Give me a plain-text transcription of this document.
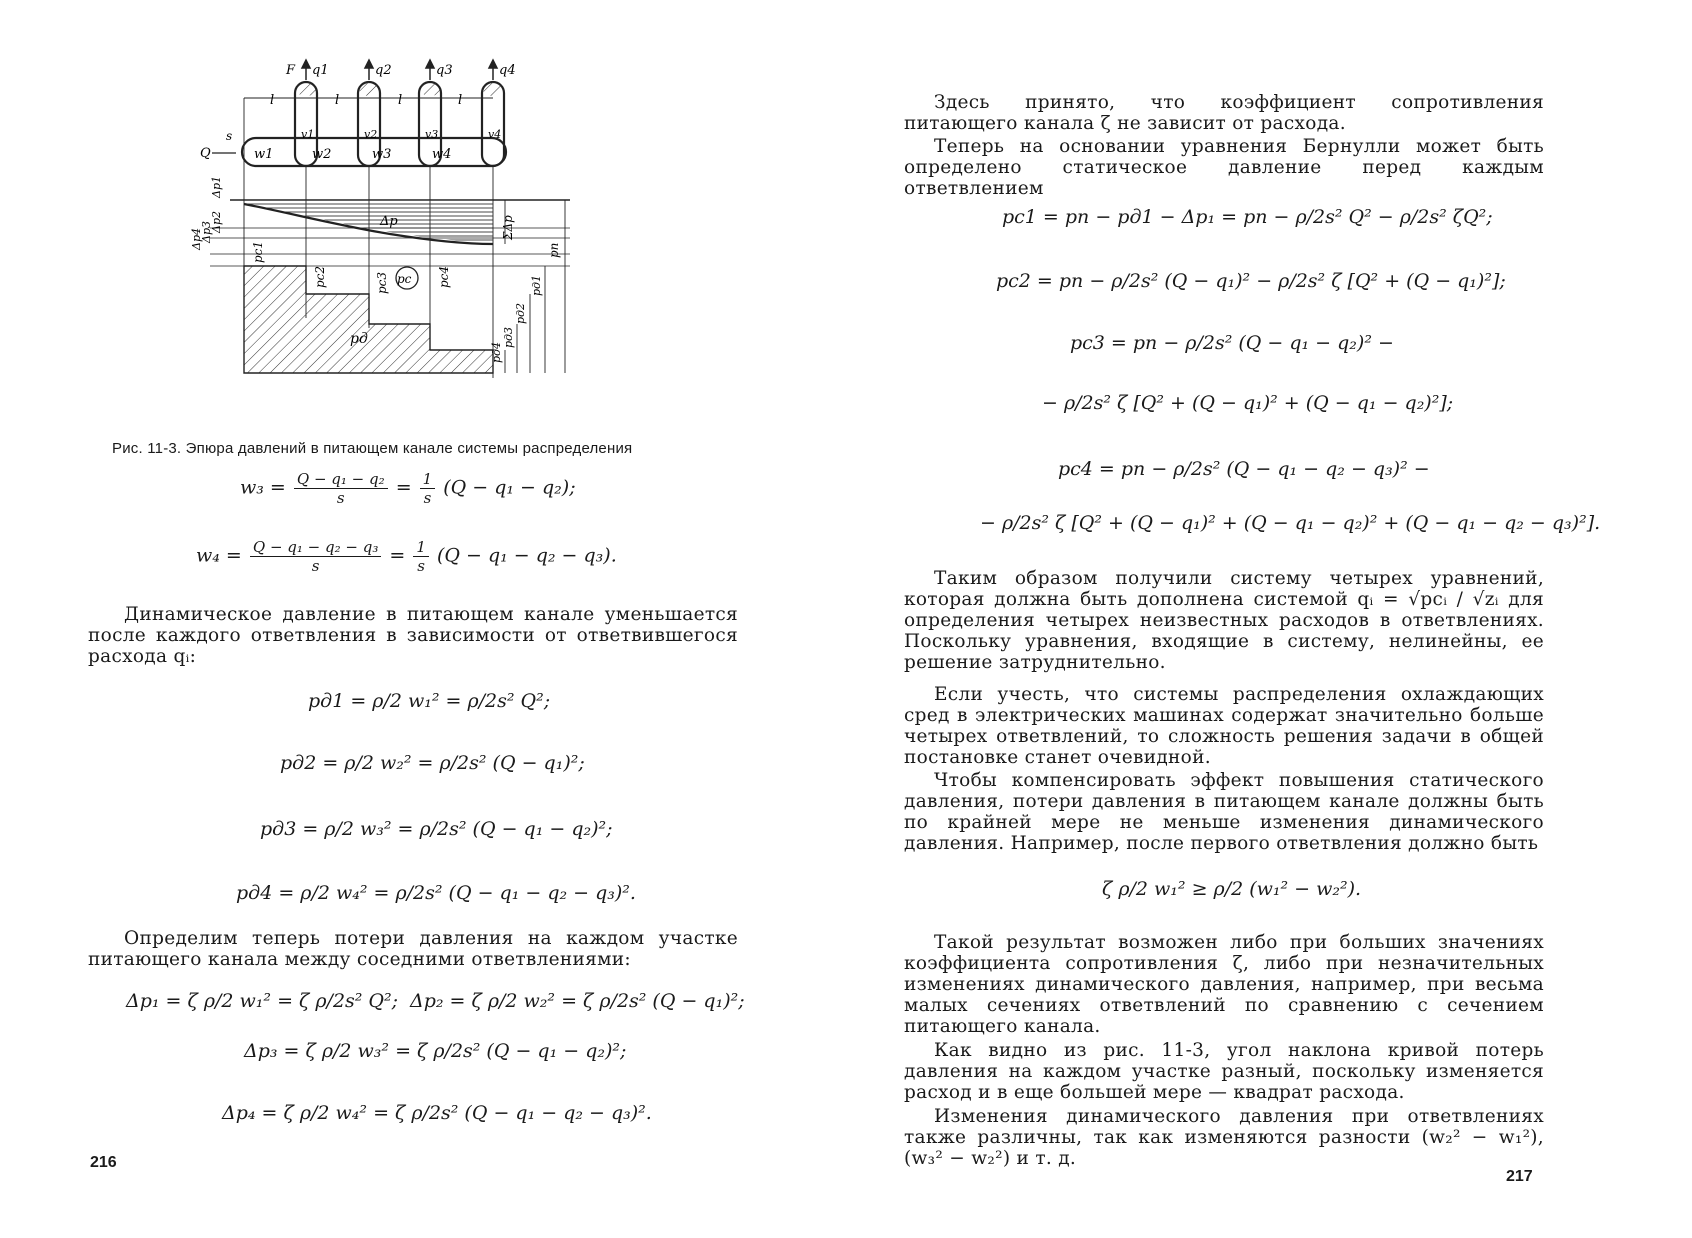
F q1	q2	q3	q4
l	l	l	l
v1	v2	v3	v4
Q
s
w1	w2	w3	w4
Δp
pд
pc
pc1
pc2	pc3	pc4
ΣΔp
pп
pд1
pд2
pд3
pд4
Δp1
Δp2
Δp3
Δp4
Рис. 11-3. Эпюра давлений в питающем канале системы распределения
$w_3 = \frac{\text{Q − q₁ − q₂}}{s} = \frac{1}{s} (Q - q_1 - q_2)$;
$w_4 = \frac{\text{Q − q₁ − q₂ − q₃}}{s} = \frac{1}{s} (Q - q_1 - q_2 - q_3)$.
Динамическое давление в питающем канале уменьшается после каждого ответвления в зависимости от ответвившегося расхода qᵢ:
pд1 = ρ/2 w₁² = ρ/2s² Q²;
pд2 = ρ/2 w₂² = ρ/2s² (Q − q₁)²;
pд3 = ρ/2 w₃² = ρ/2s² (Q − q₁ − q₂)²;
pд4 = ρ/2 w₄² = ρ/2s² (Q − q₁ − q₂ − q₃)².
Определим теперь потери давления на каждом участке питающего канала между соседними ответвлениями:
Δp₁ = ζ ρ/2 w₁² = ζ ρ/2s² Q²; Δp₂ = ζ ρ/2 w₂² = ζ ρ/2s² (Q − q₁)²;
Δp₃ = ζ ρ/2 w₃² = ζ ρ/2s² (Q − q₁ − q₂)²;
Δp₄ = ζ ρ/2 w₄² = ζ ρ/2s² (Q − q₁ − q₂ − q₃)².
216
Здесь принято, что коэффициент сопротивления питающего канала ζ не зависит от расхода.
Теперь на основании уравнения Бернулли может быть определено статическое давление перед каждым ответвлением
pc1 = pп − pд1 − Δp₁ = pп − ρ/2s² Q² − ρ/2s² ζQ²;
pc2 = pп − ρ/2s² (Q − q₁)² − ρ/2s² ζ [Q² + (Q − q₁)²];
pc3 = pп − ρ/2s² (Q − q₁ − q₂)² −
− ρ/2s² ζ [Q² + (Q − q₁)² + (Q − q₁ − q₂)²];
pc4 = pп − ρ/2s² (Q − q₁ − q₂ − q₃)² −
− ρ/2s² ζ [Q² + (Q − q₁)² + (Q − q₁ − q₂)² + (Q − q₁ − q₂ − q₃)²].
Таким образом получили систему четырех уравнений, которая должна быть дополнена системой qᵢ = √pcᵢ / √zᵢ для определения четырех неизвестных расходов в ответвлениях. Поскольку уравнения, входящие в систему, нелинейны, ее решение затруднительно.
Если учесть, что системы распределения охлаждающих сред в электрических машинах содержат значительно больше четырех ответвлений, то сложность решения задачи в общей постановке станет очевидной.
Чтобы компенсировать эффект повышения статического давления, потери давления в питающем канале должны быть по крайней мере не меньше изменения динамического давления. Например, после первого ответвления должно быть
ζ ρ/2 w₁² ≥ ρ/2 (w₁² − w₂²).
Такой результат возможен либо при больших значениях коэффициента сопротивления ζ, либо при незначительных изменениях динамического давления, например, при весьма малых сечениях ответвлений по сравнению с сечением питающего канала.
Как видно из рис. 11-3, угол наклона кривой потерь давления на каждом участке разный, поскольку изменяется расход и в еще большей мере — квадрат расхода.
Изменения динамического давления при ответвлениях также различны, так как изменяются разности (w₂² − w₁²), (w₃² − w₂²) и т. д.
217
